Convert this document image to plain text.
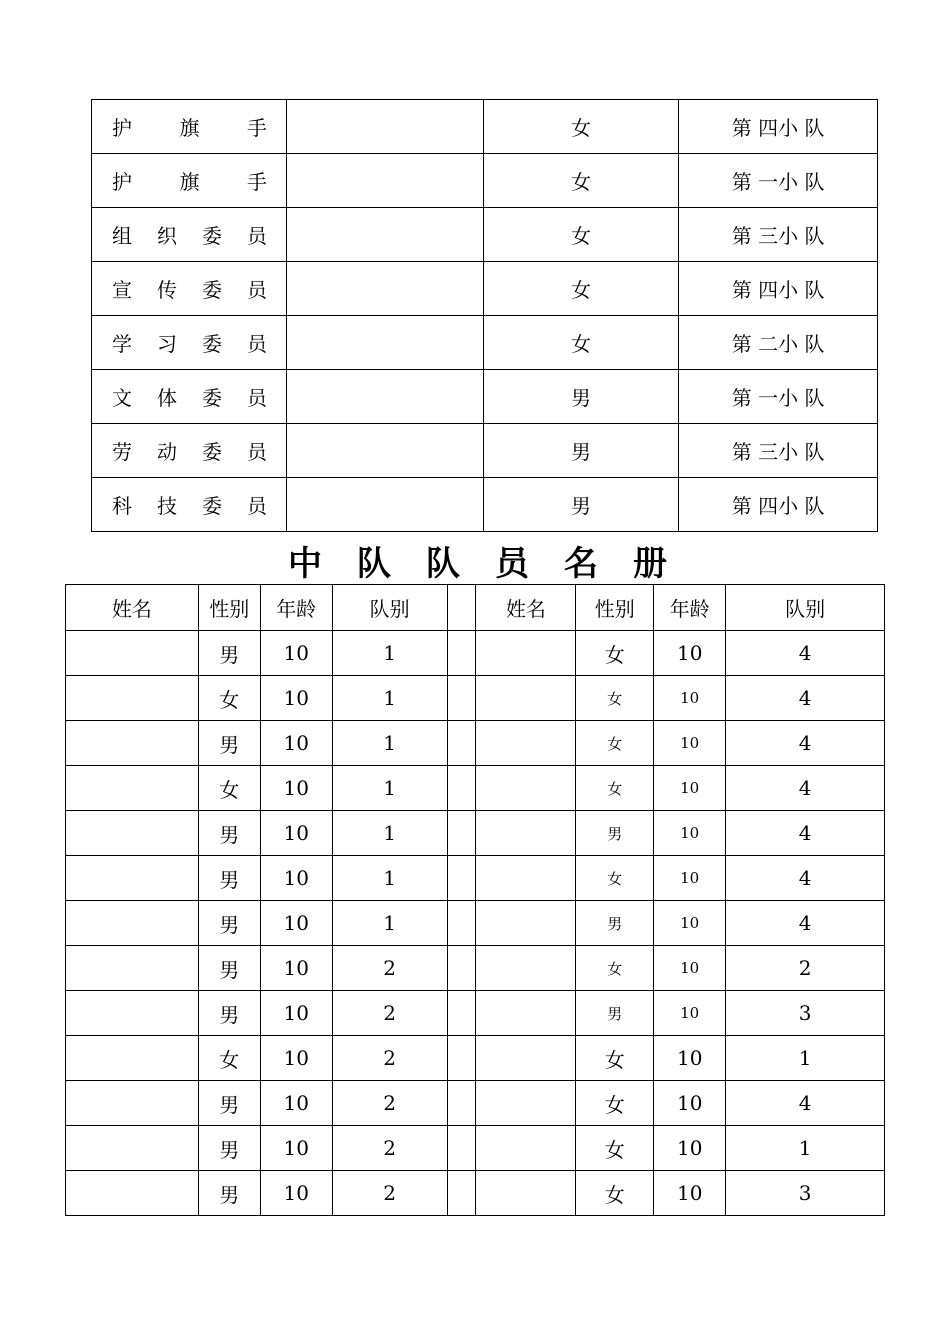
护旗手		女	第 四小 队

护旗手		女	第 一小 队

组织委员		女	第 三小 队

宣传委员		女	第 四小 队

学习委员		女	第 二小 队

文体委员		男	第 一小 队

劳动委员		男	第 三小 队

科技委员		男	第 四小 队
中队队员名册
姓名	性别	年龄	队别		姓名	性别	年龄	队别
	男	10	1			女	10	4
	女	10	1			女	10	4
	男	10	1			女	10	4
	女	10	1			女	10	4
	男	10	1			男	10	4
	男	10	1			女	10	4
	男	10	1			男	10	4
	男	10	2			女	10	2
	男	10	2			男	10	3
	女	10	2			女	10	1
	男	10	2			女	10	4
	男	10	2			女	10	1
	男	10	2			女	10	3
